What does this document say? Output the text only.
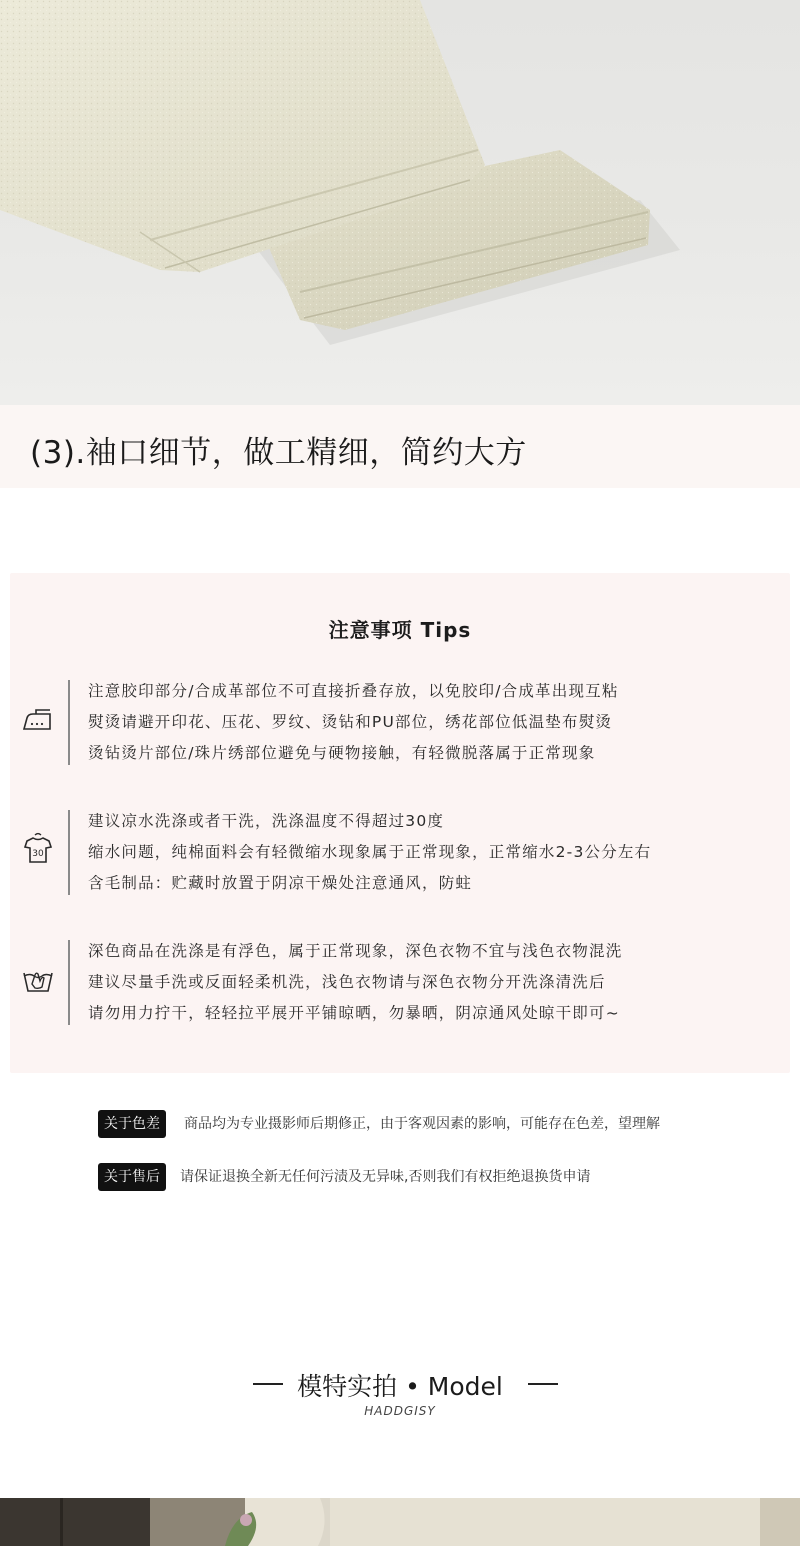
(3).袖口细节，做工精细，简约大方
注意事项 Tips
注意胶印部分/合成革部位不可直接折叠存放，以免胶印/合成革出现互粘
熨烫请避开印花、压花、罗纹、烫钻和PU部位，绣花部位低温垫布熨烫
烫钻烫片部位/珠片绣部位避免与硬物接触，有轻微脱落属于正常现象
30
建议凉水洗涤或者干洗，洗涤温度不得超过30度
缩水问题，纯棉面料会有轻微缩水现象属于正常现象，正常缩水2-3公分左右
含毛制品：贮藏时放置于阴凉干燥处注意通风，防蛀
深色商品在洗涤是有浮色，属于正常现象，深色衣物不宜与浅色衣物混洗
建议尽量手洗或反面轻柔机洗，浅色衣物请与深色衣物分开洗涤清洗后
请勿用力拧干，轻轻拉平展开平铺晾晒，勿暴晒，阴凉通风处晾干即可~
关于色差	商品均为专业摄影师后期修正，由于客观因素的影响，可能存在色差，望理解
关于售后	请保证退换全新无任何污渍及无异味,否则我们有权拒绝退换货申请
模特实拍 • Model
HADDGISY
